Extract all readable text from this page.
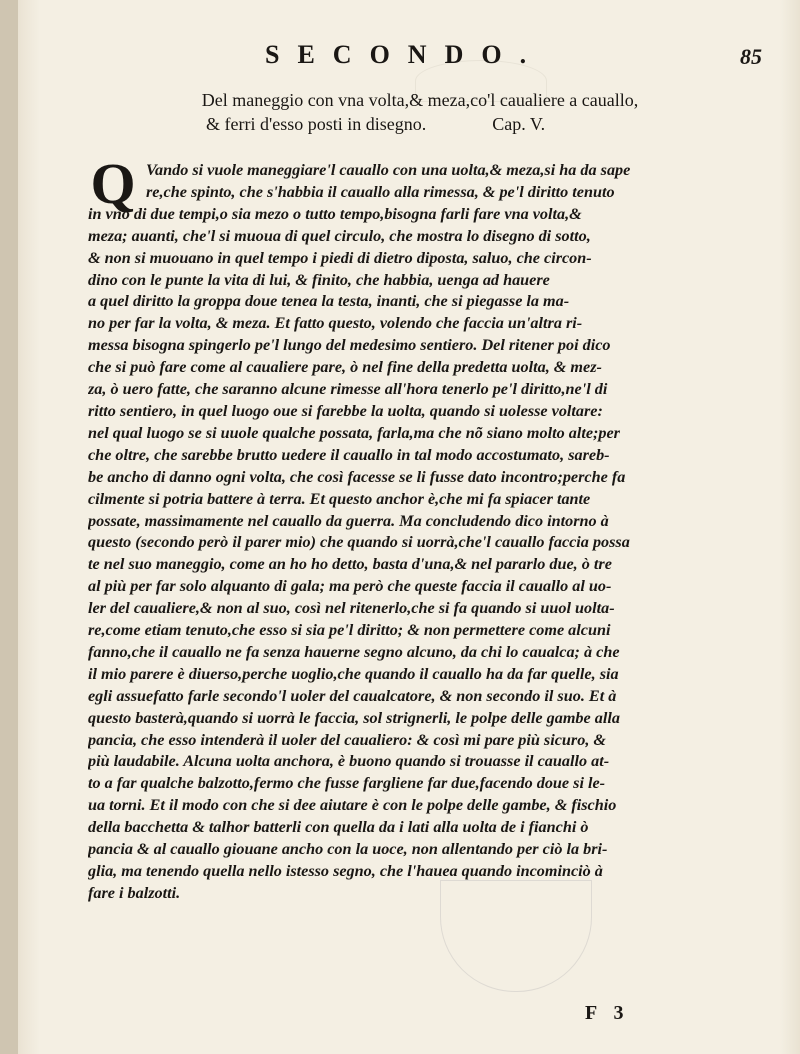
SECONDO.	85
Del maneggio con vna volta,& meza,co'l caualiere a cauallo,
& ferri d'esso posti in disegno.	Cap. V.
Q Vando si vuole maneggiare'l cauallo con una uolta,& meza,si ha da sape
re,che spinto, che s'habbia il cauallo alla rimessa, & pe'l diritto tenuto
in vno di due tempi,o sia mezo o tutto tempo,bisogna farli fare vna volta,&
meza; auanti, che'l si muoua di quel circulo, che mostra lo disegno di sotto,
& non si muouano in quel tempo i piedi di dietro diposta, saluo, che circon-
dino con le punte la vita di lui, & finito, che habbia, uenga ad hauere
a quel diritto la groppa doue tenea la testa, inanti, che si piegasse la ma-
no per far la volta, & meza. Et fatto questo, volendo che faccia un'altra ri-
messa bisogna spingerlo pe'l lungo del medesimo sentiero. Del ritener poi dico
che si può fare come al caualiere pare, ò nel fine della predetta uolta, & mez-
za, ò uero fatte, che saranno alcune rimesse all'hora tenerlo pe'l diritto,ne'l di
ritto sentiero, in quel luogo oue si farebbe la uolta, quando si uolesse voltare:
nel qual luogo se si uuole qualche possata, farla,ma che nõ siano molto alte;per
che oltre, che sarebbe brutto uedere il cauallo in tal modo accostumato, sareb-
be ancho di danno ogni volta, che così facesse se li fusse dato incontro;perche fa
cilmente si potria battere à terra. Et questo anchor è,che mi fa spiacer tante
possate, massimamente nel cauallo da guerra. Ma concludendo dico intorno à
questo (secondo però il parer mio) che quando si uorrà,che'l cauallo faccia possa
te nel suo maneggio, come an ho ho detto, basta d'una,& nel pararlo due, ò tre
al più per far solo alquanto di gala; ma però che queste faccia il cauallo al uo-
ler del caualiere,& non al suo, così nel ritenerlo,che si fa quando si uuol uolta-
re,come etiam tenuto,che esso si sia pe'l diritto; & non permettere come alcuni
fanno,che il cauallo ne fa senza hauerne segno alcuno, da chi lo caualca; à che
il mio parere è diuerso,perche uoglio,che quando il cauallo ha da far quelle, sia
egli assuefatto farle secondo'l uoler del caualcatore, & non secondo il suo. Et à
questo basterà,quando si uorrà le faccia, sol strignerli, le polpe delle gambe alla
pancia, che esso intenderà il uoler del caualiero: & così mi pare più sicuro, &
più laudabile. Alcuna uolta anchora, è buono quando si trouasse il cauallo at-
to a far qualche balzotto,fermo che fusse fargliene far due,facendo doue si le-
ua torni. Et il modo con che si dee aiutare è con le polpe delle gambe, & fischio
della bacchetta & talhor batterli con quella da i lati alla uolta de i fianchi ò
pancia & al cauallo giouane ancho con la uoce, non allentando per ciò la bri-
glia, ma tenendo quella nello istesso segno, che l'hauea quando incominciò à
fare i balzotti.
F 3
